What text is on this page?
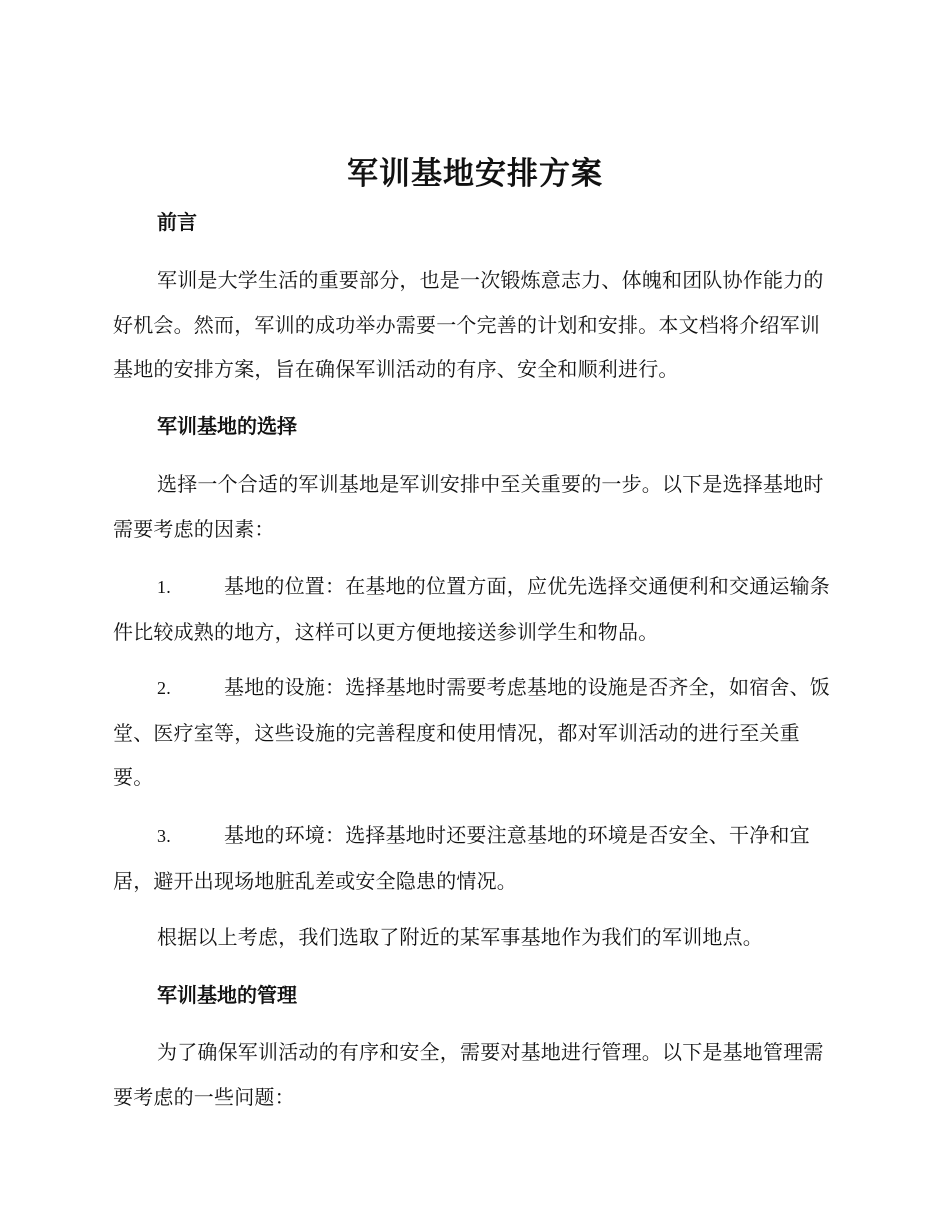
军训基地安排方案
前言

军训是大学生活的重要部分，也是一次锻炼意志力、体魄和团队协作能力的好机会。然而，军训的成功举办需要一个完善的计划和安排。本文档将介绍军训基地的安排方案，旨在确保军训活动的有序、安全和顺利进行。

军训基地的选择

选择一个合适的军训基地是军训安排中至关重要的一步。以下是选择基地时需要考虑的因素：

1.	基地的位置：在基地的位置方面，应优先选择交通便利和交通运输条件比较成熟的地方，这样可以更方便地接送参训学生和物品。

2.	基地的设施：选择基地时需要考虑基地的设施是否齐全，如宿舍、饭堂、医疗室等，这些设施的完善程度和使用情况，都对军训活动的进行至关重要。

3.	基地的环境：选择基地时还要注意基地的环境是否安全、干净和宜居，避开出现场地脏乱差或安全隐患的情况。

根据以上考虑，我们选取了附近的某军事基地作为我们的军训地点。

军训基地的管理

为了确保军训活动的有序和安全，需要对基地进行管理。以下是基地管理需要考虑的一些问题：
